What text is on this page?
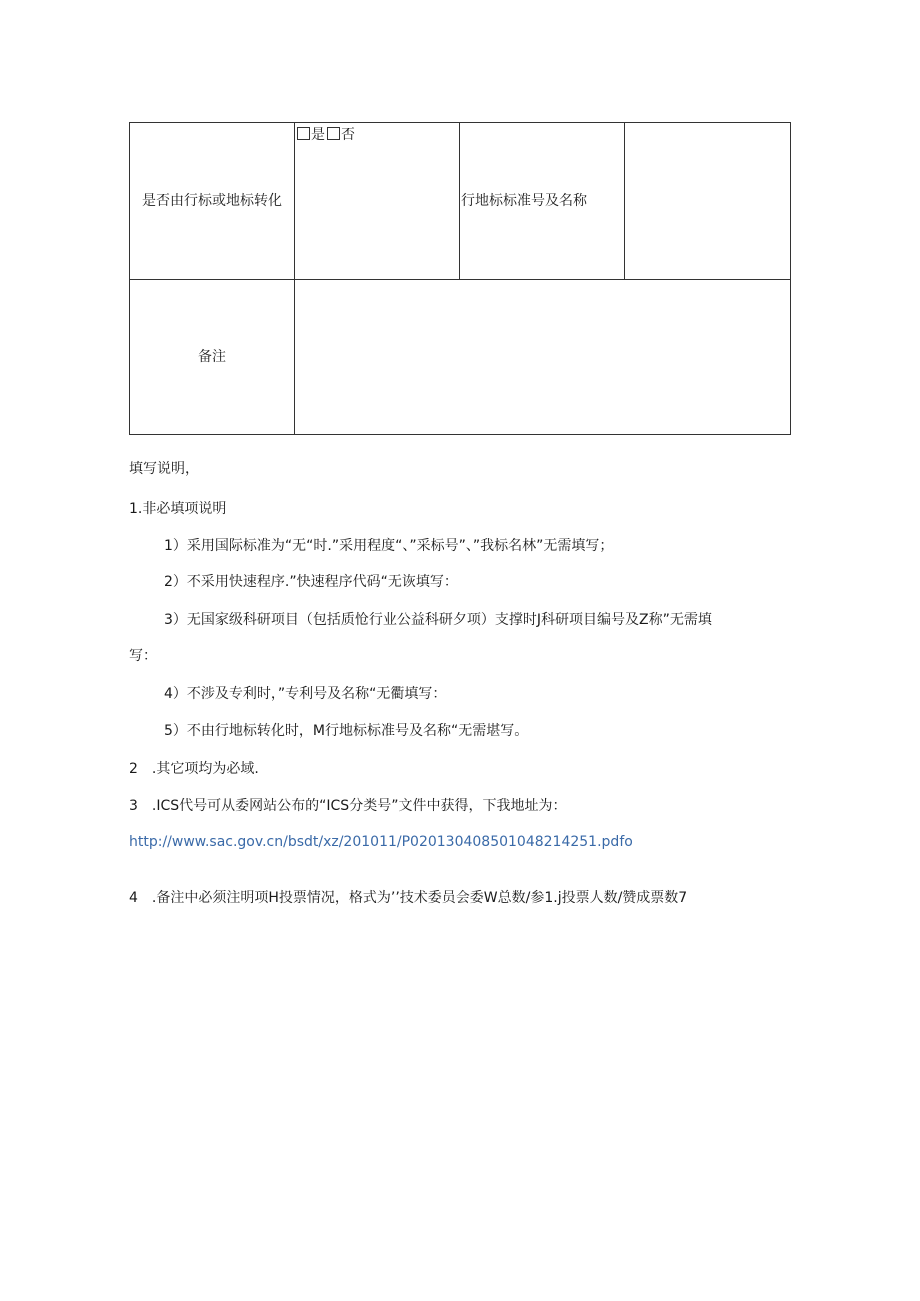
是否由行标或地标转化	是 否	行地标标准号及名称	
备注			
填写说明，
1.非必填项说明
1）采用国际标准为“无“时.”采用程度“、”采标号”、”我标名林”无需填写；
2）不采用快速程序.”快速程序代码“无诙填写：
3）无国家级科研项目（包括质怆行业公益科研夕项）支撑时J科研项目编号及Z称”无需填
写：
4）不涉及专利时，”专利号及名称“无衢填写：
5）不由行地标转化时，M行地标标准号及名称“无需堪写。
2　.其它项均为必域.
3　.ICS代号可从委网站公布的“ICS分类号”文件中获得，下我地址为：
http://www.sac.gov.cn/bsdt/xz/201011/P020130408501048214251.pdfo
4　.备注中必须注明项H投票情况，格式为’’技术委员会委W总数/参1.j投票人数/赞成票数7
